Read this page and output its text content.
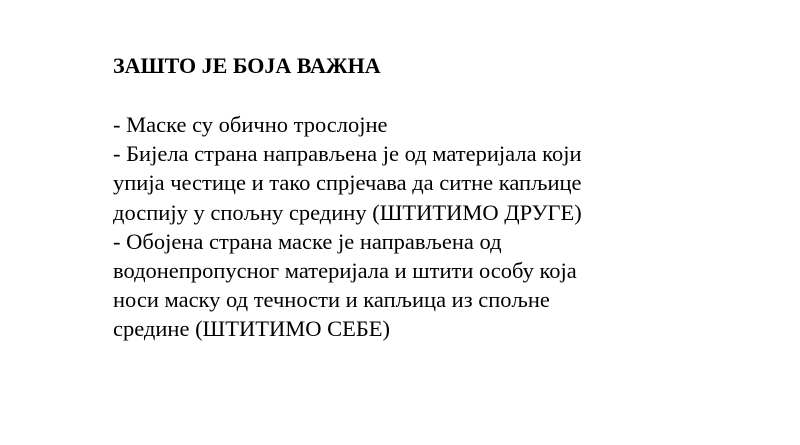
ЗАШТО ЈЕ БОЈА ВАЖНА
- Маске су обично трослојне
- Бијела страна направљена је од материјала који
упија честице и тако спрјечава да ситне капљице
доспију у спољну средину (ШТИТИМО ДРУГЕ)
- Обојена страна маске је направљена од
водонепропусног материјала и штити особу која
носи маску од течности и капљица из спољне
средине (ШТИТИМО СЕБЕ)
